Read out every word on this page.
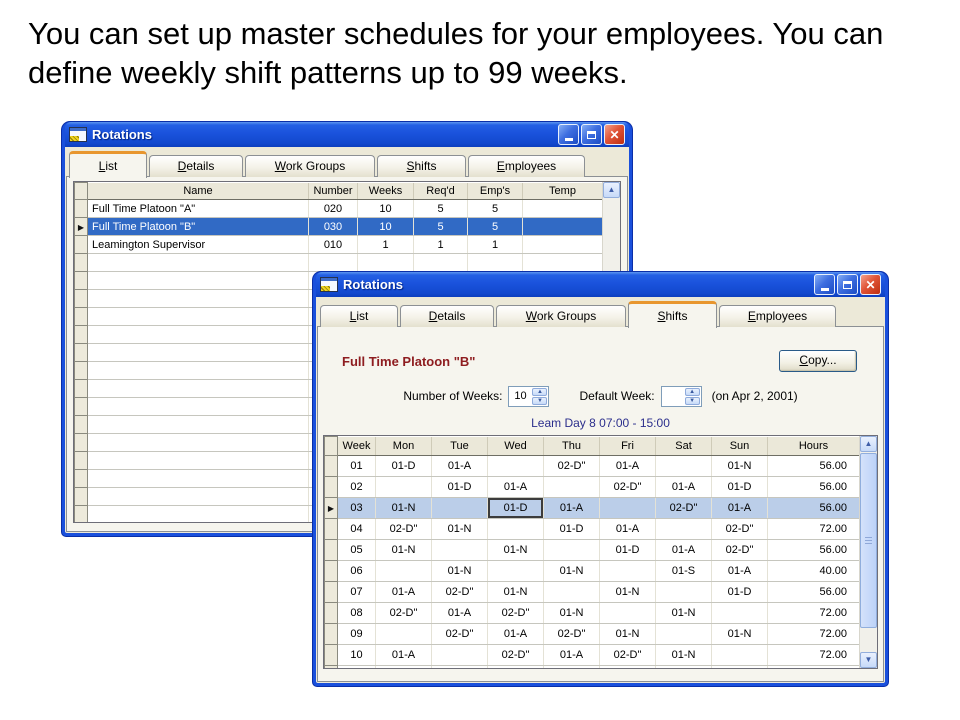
You can set up master schedules for your employees. You can
define weekly shift patterns up to 99 weeks.
Rotations	✕
List	Details	Work Groups	Shifts	Employees
	Name	Number	Weeks	Req'd	Emp's	Temp
	Full Time Platoon "A"	020	10	5	5	
▶	Full Time Platoon "B"	030	10	5	5	
	Leamington Supervisor	010	1	1	1	

▲
Rotations	✕
List	Details	Work Groups	Shifts	Employees
Full Time Platoon "B"	Copy...
Number of Weeks:
10	▲
▼	Default Week:	▲
▼	(on Apr 2, 2001)
Leam Day 8 07:00 - 15:00
	Week	Mon	Tue	Wed	Thu	Fri	Sat	Sun	Hours
	01	01-D	01-A		02-D"	01-A		01-N	56.00
	02		01-D	01-A		02-D"	01-A	01-D	56.00
▶	03	01-N		01-D	01-A		02-D"	01-A	56.00
	04	02-D"	01-N		01-D	01-A		02-D"	72.00
	05	01-N		01-N		01-D	01-A	02-D"	56.00
	06		01-N		01-N		01-S	01-A	40.00
	07	01-A	02-D"	01-N		01-N		01-D	56.00
	08	02-D"	01-A	02-D"	01-N		01-N		72.00
	09		02-D"	01-A	02-D"	01-N		01-N	72.00
	10	01-A		02-D"	01-A	02-D"	01-N		72.00

▲
▼
